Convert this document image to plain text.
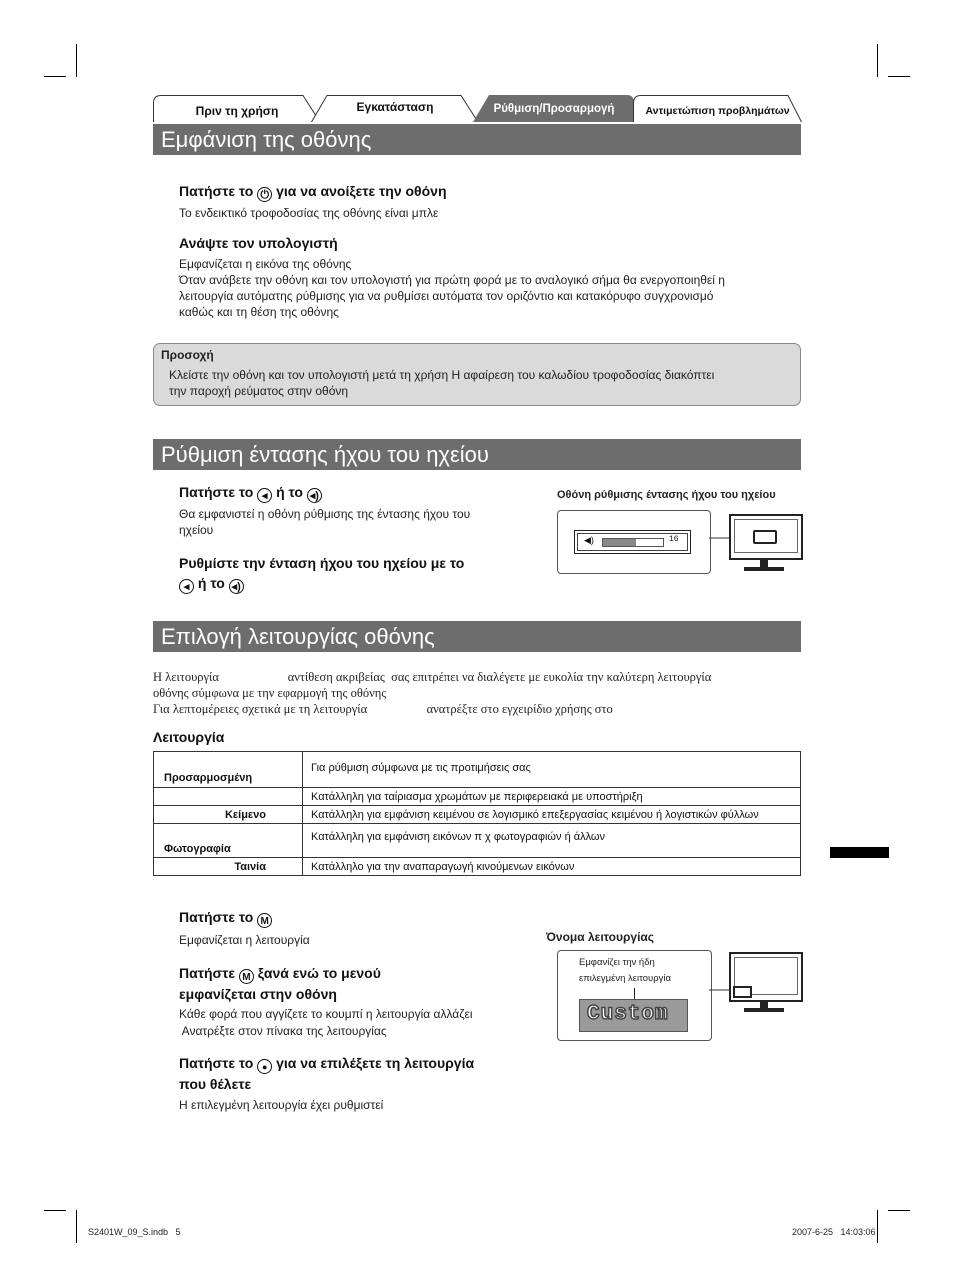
Πριν τη χρήση	Εγκατάσταση	Ρύθμιση/Προσαρμογή	Αντιμετώπιση προβλημάτων
Εμφάνιση της οθόνης
Πατήστε το ⏻ για να ανοίξετε την οθόνη
Το ενδεικτικό τροφοδοσίας της οθόνης είναι μπλε
Ανάψτε τον υπολογιστή
Εμφανίζεται η εικόνα της οθόνης
Όταν ανάβετε την οθόνη και τον υπολογιστή για πρώτη φορά με το αναλογικό σήμα θα ενεργοποιηθεί η
λειτουργία αυτόματης ρύθμισης για να ρυθμίσει αυτόματα τον οριζόντιο και κατακόρυφο συγχρονισμό
καθώς και τη θέση της οθόνης
Προσοχή
Κλείστε την οθόνη και τον υπολογιστή μετά τη χρήση Η αφαίρεση του καλωδίου τροφοδοσίας διακόπτει
την παροχή ρεύματος στην οθόνη
Ρύθμιση έντασης ήχου του ηχείου
Πατήστε το ◂ ή το ◂)
Θα εμφανιστεί η οθόνη ρύθμισης της έντασης ήχου του
ηχείου
Ρυθμίστε την ένταση ήχου του ηχείου με το
◂ ή το ◂)
Οθόνη ρύθμισης έντασης ήχου του ηχείου
◀)	16
Επιλογή λειτουργίας οθόνης
Η λειτουργία                      αντίθεση ακριβείας  σας επιτρέπει να διαλέγετε με ευκολία την καλύτερη λειτουργία
οθόνης σύμφωνα με την εφαρμογή της οθόνης
Για λεπτομέρειες σχετικά με τη λειτουργία                   ανατρέξτε στο εγχειρίδιο χρήσης στο
Λειτουργία
Προσαρμοσμένη	Για ρύθμιση σύμφωνα με τις προτιμήσεις σας
	Κατάλληλη για ταίριασμα χρωμάτων με περιφερειακά με υποστήριξη
Κείμενο	Κατάλληλη για εμφάνιση κειμένου σε λογισμικό επεξεργασίας κειμένου ή λογιστικών φύλλων
Φωτογραφία	Κατάλληλη για εμφάνιση εικόνων π χ φωτογραφιών ή άλλων
Ταινία	Κατάλληλο για την αναπαραγωγή κινούμενων εικόνων
Πατήστε το M
Εμφανίζεται η λειτουργία
Πατήστε M ξανά ενώ το μενού
εμφανίζεται στην οθόνη
Κάθε φορά που αγγίζετε το κουμπί η λειτουργία αλλάζει
Ανατρέξτε στον πίνακα της λειτουργίας
Πατήστε το ● για να επιλέξετε τη λειτουργία
που θέλετε
Η επιλεγμένη λειτουργία έχει ρυθμιστεί
Όνομα λειτουργίας
Εμφανίζει την ήδη
επιλεγμένη λειτουργία
Custom
S2401W_09_S.indb   5	2007-6-25   14:03:06
